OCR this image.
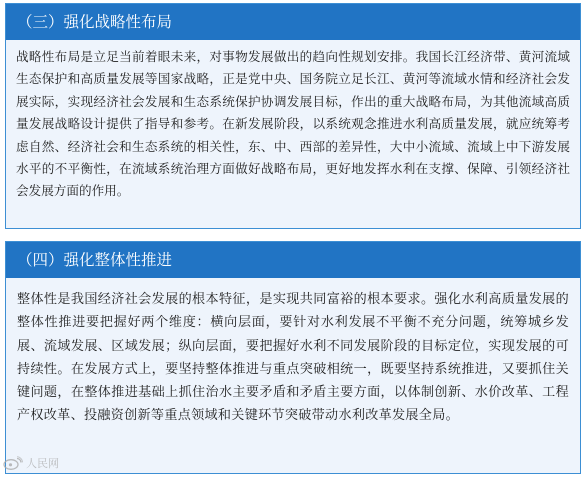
（三）强化战略性布局
战略性布局是立足当前着眼未来，对事物发展做出的趋向性规划安排。我国长江经济带、黄河流域生态保护和高质量发展等国家战略，正是党中央、国务院立足长江、黄河等流域水情和经济社会发展实际，实现经济社会发展和生态系统保护协调发展目标，作出的重大战略布局，为其他流域高质量发展战略设计提供了指导和参考。在新发展阶段，以系统观念推进水利高质量发展，就应统筹考虑自然、经济社会和生态系统的相关性，东、中、西部的差异性，大中小流域、流域上中下游发展水平的不平衡性，在流域系统治理方面做好战略布局，更好地发挥水利在支撑、保障、引领经济社会发展方面的作用。
（四）强化整体性推进
整体性是我国经济社会发展的根本特征，是实现共同富裕的根本要求。强化水利高质量发展的整体性推进要把握好两个维度：横向层面，要针对水利发展不平衡不充分问题，统筹城乡发展、流域发展、区域发展；纵向层面，要把握好水利不同发展阶段的目标定位，实现发展的可持续性。在发展方式上，要坚持整体推进与重点突破相统一，既要坚持系统推进，又要抓住关键问题，在整体推进基础上抓住治水主要矛盾和矛盾主要方面，以体制创新、水价改革、工程产权改革、投融资创新等重点领域和关键环节突破带动水利改革发展全局。
人民网
